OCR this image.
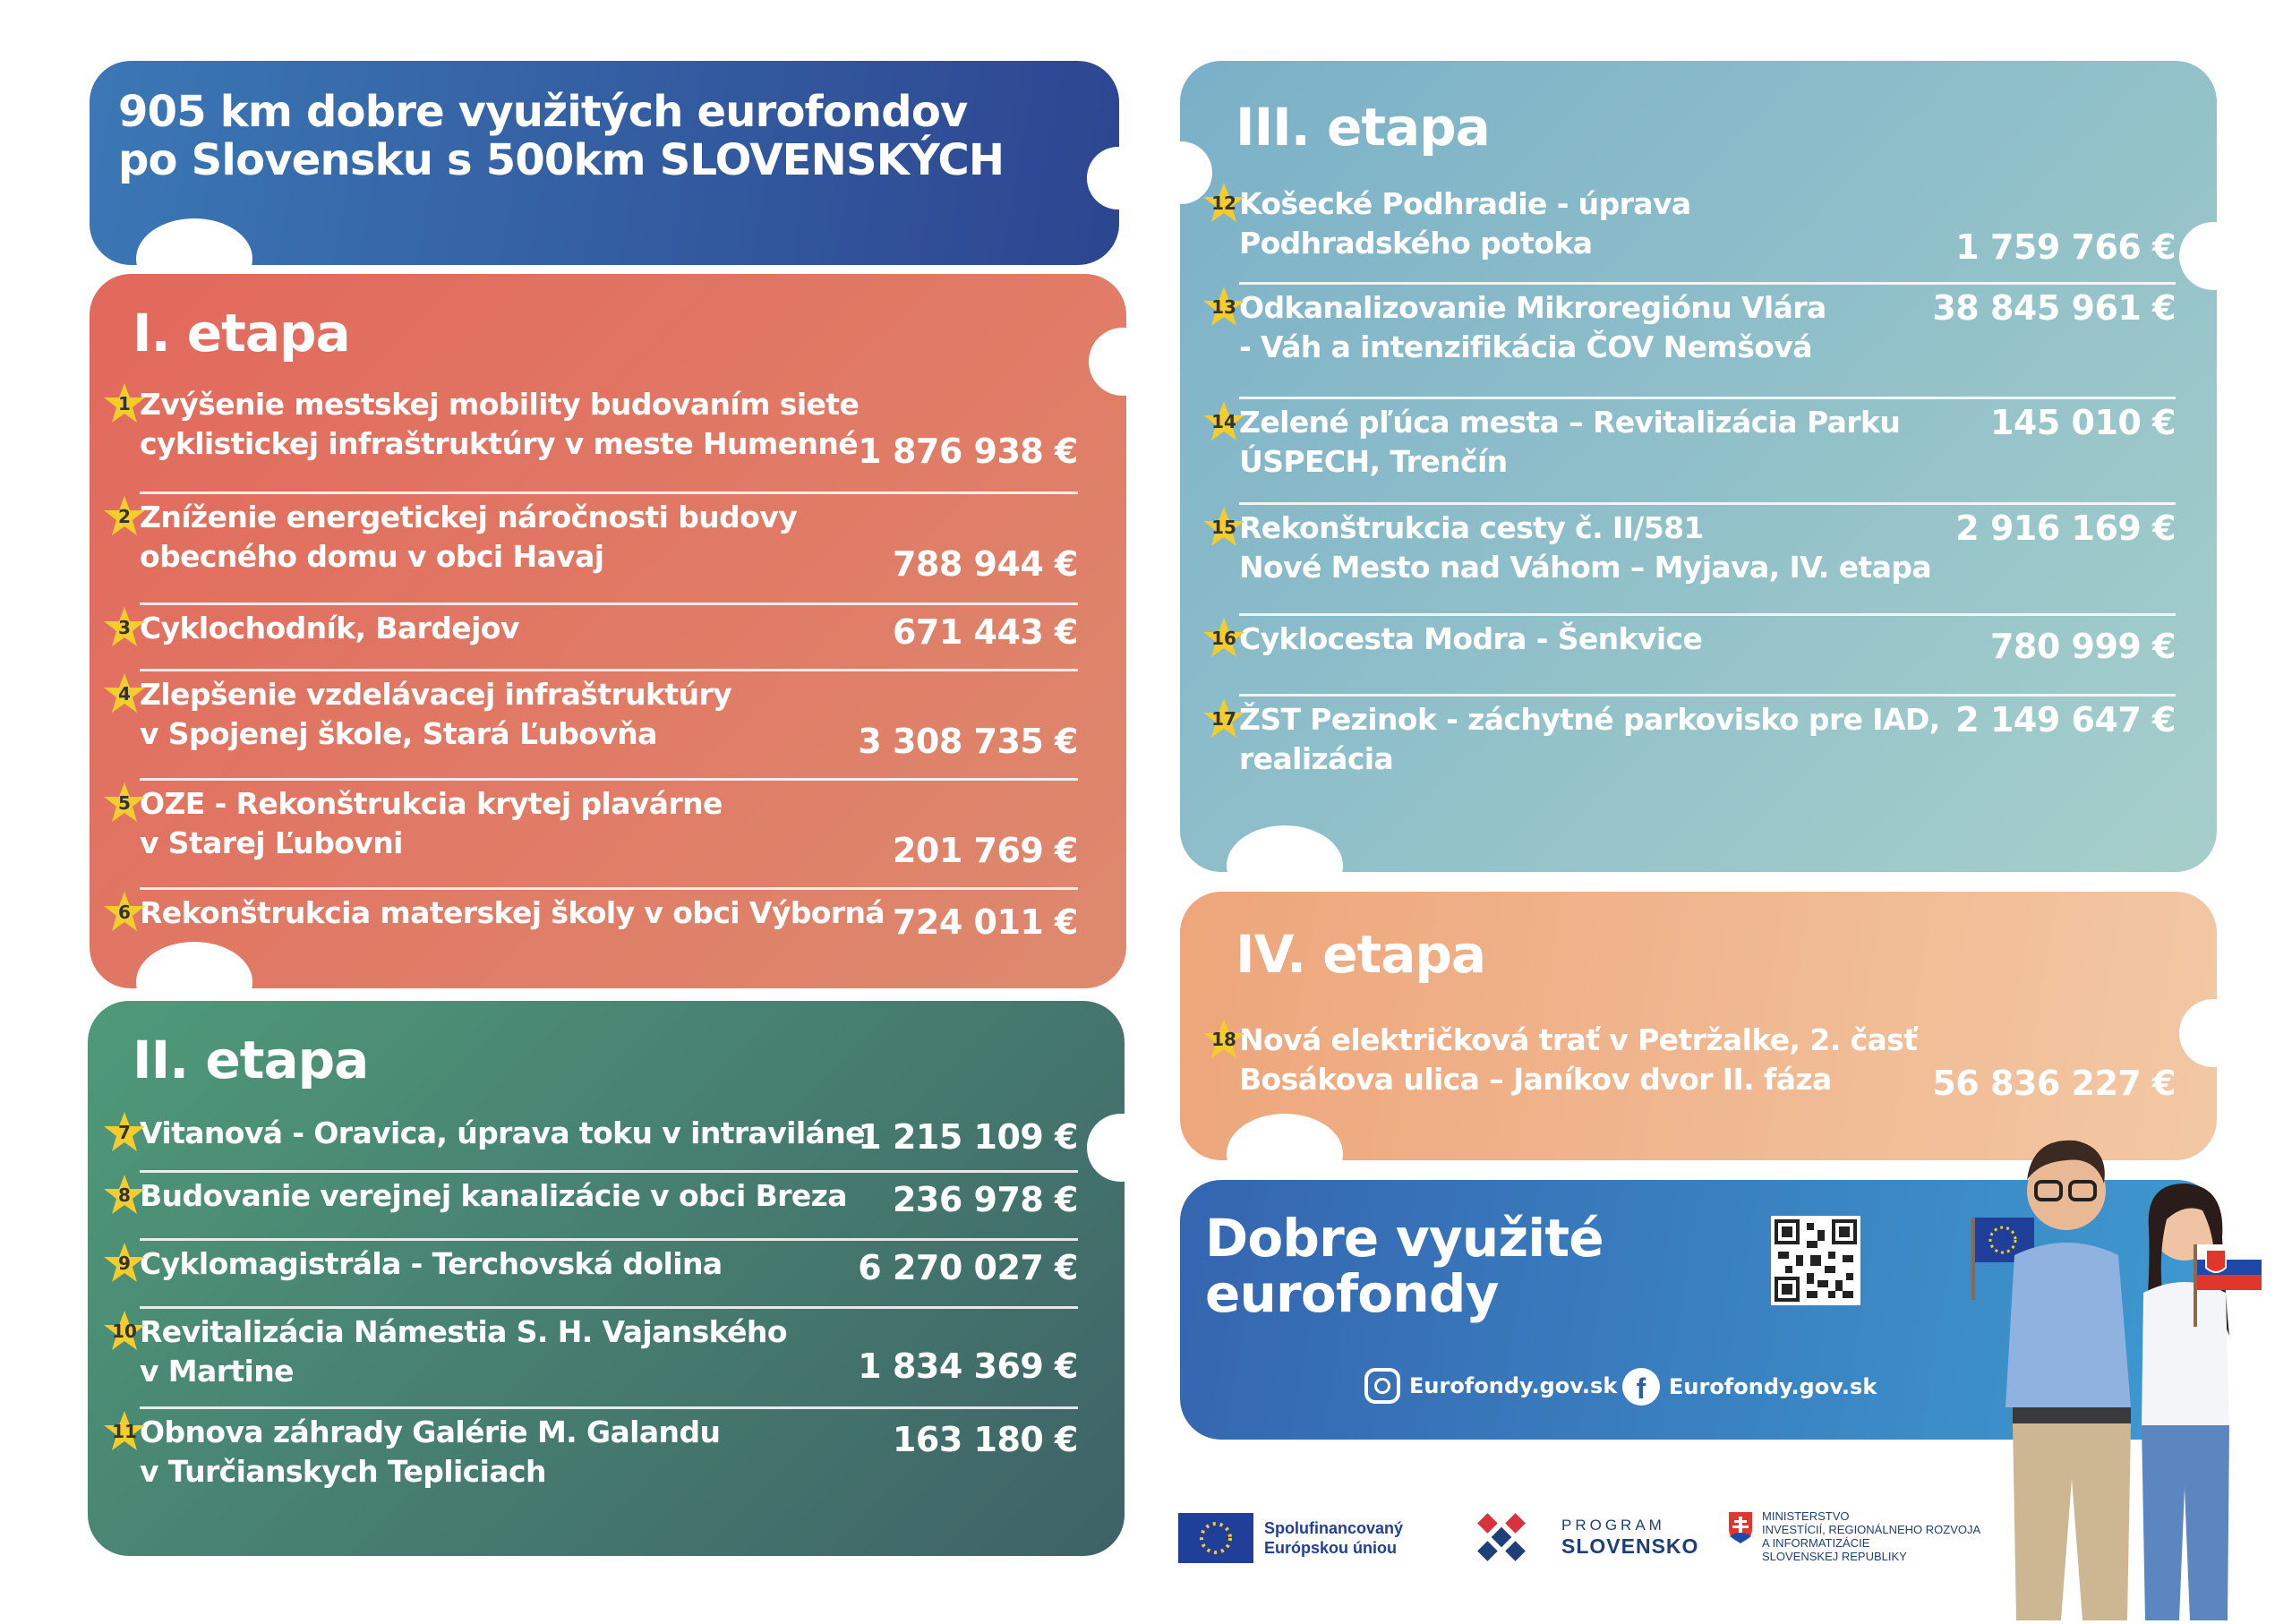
905 km dobre využitých eurofondov
po Slovensku s 500km SLOVENSKÝCH
I. etapa
1 Zvýšenie mestskej mobility budovaním siete
cyklistickej infraštruktúry v meste Humenné 1 876 938 €
2 Zníženie energetickej náročnosti budovy
obecného domu v obci Havaj	788 944 €
3 Cyklochodník, Bardejov	671 443 €
4 Zlepšenie vzdelávacej infraštruktúry
v Spojenej škole, Stará Ľubovňa	3 308 735 €
5 OZE - Rekonštrukcia krytej plavárne
v Starej Ľubovni	201 769 €
6 Rekonštrukcia materskej školy v obci Výborná 724 011 €
II. etapa
7 Vitanová - Oravica, úprava toku v intraviláne
1 215 109 €
8 Budovanie verejnej kanalizácie v obci Breza	236 978 €
9 Cyklomagistrála - Terchovská dolina	6 270 027 €
10 Revitalizácia Námestia S. H. Vajanského
v Martine	1 834 369 €
11 Obnova záhrady Galérie M. Galandu
v Turčianskych Tepliciach
163 180 €
III. etapa
12 Košecké Podhradie - úprava
Podhradského potoka	1 759 766 €
13 Odkanalizovanie Mikroregiónu Vlára
- Váh a intenzifikácia ČOV Nemšová
38 845 961 €
14 Zelené pľúca mesta – Revitalizácia Parku
ÚSPECH, Trenčín
145 010 €
15 Rekonštrukcia cesty č. II/581
Nové Mesto nad Váhom – Myjava, IV. etapa
2 916 169 €
16 Cyklocesta Modra - Šenkvice	780 999 €
17 ŽST Pezinok - záchytné parkovisko pre IAD,
realizácia
2 149 647 €
IV. etapa
18 Nová električková trať v Petržalke, 2. časť
Bosákova ulica – Janíkov dvor II. fáza	56 836 227 €
Dobre využité
eurofondy
Eurofondy.gov.sk f	Eurofondy.gov.sk
Spolufinancovaný
Európskou úniou
PROGRAM
SLOVENSKO
MINISTERSTVO
INVESTÍCIÍ, REGIONÁLNEHO ROZVOJA
A INFORMATIZÁCIE
SLOVENSKEJ REPUBLIKY
